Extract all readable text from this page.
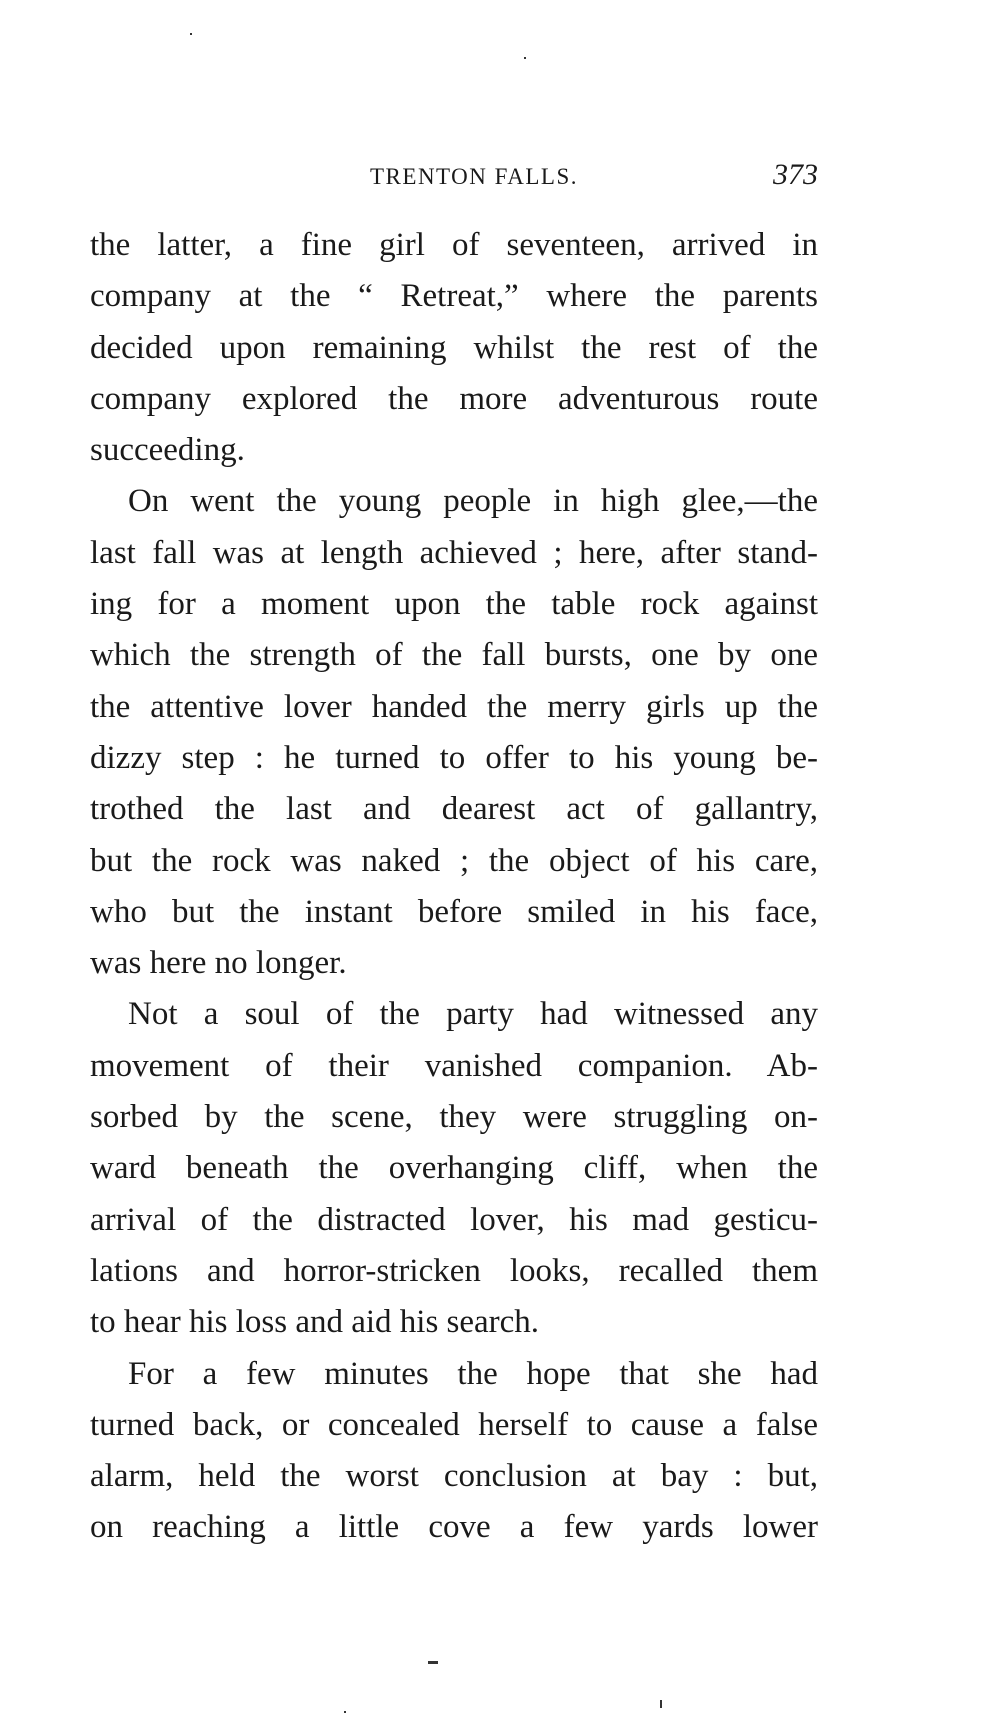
TRENTON FALLS.	373
the latter, a fine girl of seventeen, arrived in
company at the “ Retreat,” where the parents
decided upon remaining whilst the rest of the
company explored the more adventurous route
succeeding.
On went the young people in high glee,—the
last fall was at length achieved ; here, after stand-
ing for a moment upon the table rock against
which the strength of the fall bursts, one by one
the attentive lover handed the merry girls up the
dizzy step : he turned to offer to his young be-
trothed the last and dearest act of gallantry,
but the rock was naked ; the object of his care,
who but the instant before smiled in his face,
was here no longer.
Not a soul of the party had witnessed any
movement of their vanished companion. Ab-
sorbed by the scene, they were struggling on-
ward beneath the overhanging cliff, when the
arrival of the distracted lover, his mad gesticu-
lations and horror-stricken looks, recalled them
to hear his loss and aid his search.
For a few minutes the hope that she had
turned back, or concealed herself to cause a false
alarm, held the worst conclusion at bay : but,
on reaching a little cove a few yards lower
